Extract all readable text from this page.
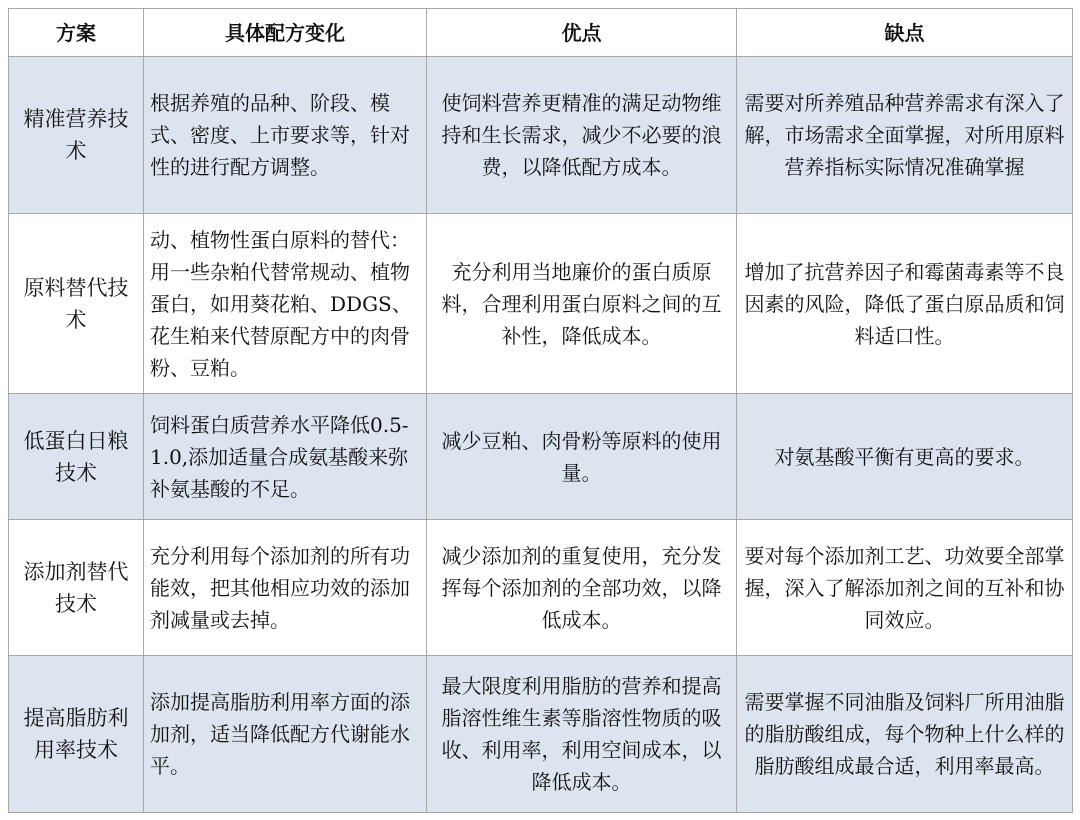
方案	具体配方变化	优点	缺点

精准营养技术	根据养殖的品种、阶段、模式、密度、上市要求等，针对性的进行配方调整。	使饲料营养更精准的满足动物维持和生长需求，减少不必要的浪费，以降低配方成本。	需要对所养殖品种营养需求有深入了解，市场需求全面掌握，对所用原料营养指标实际情况准确掌握

原料替代技术	动、植物性蛋白原料的替代：用一些杂粕代替常规动、植物蛋白，如用葵花粕、DDGS、花生粕来代替原配方中的肉骨粉、豆粕。	充分利用当地廉价的蛋白质原料，合理利用蛋白原料之间的互补性，降低成本。	增加了抗营养因子和霉菌毒素等不良因素的风险，降低了蛋白原品质和饲料适口性。

低蛋白日粮技术	饲料蛋白质营养水平降低0.5-1.0,添加适量合成氨基酸来弥补氨基酸的不足。	减少豆粕、肉骨粉等原料的使用量。	对氨基酸平衡有更高的要求。

添加剂替代技术	充分利用每个添加剂的所有功能效，把其他相应功效的添加剂减量或去掉。	减少添加剂的重复使用，充分发挥每个添加剂的全部功效，以降低成本。	要对每个添加剂工艺、功效要全部掌握，深入了解添加剂之间的互补和协同效应。

提高脂肪利用率技术	添加提高脂肪利用率方面的添加剂，适当降低配方代谢能水平。	最大限度利用脂肪的营养和提高脂溶性维生素等脂溶性物质的吸收、利用率，利用空间成本，以降低成本。	需要掌握不同油脂及饲料厂所用油脂的脂肪酸组成，每个物种上什么样的脂肪酸组成最合适，利用率最高。
